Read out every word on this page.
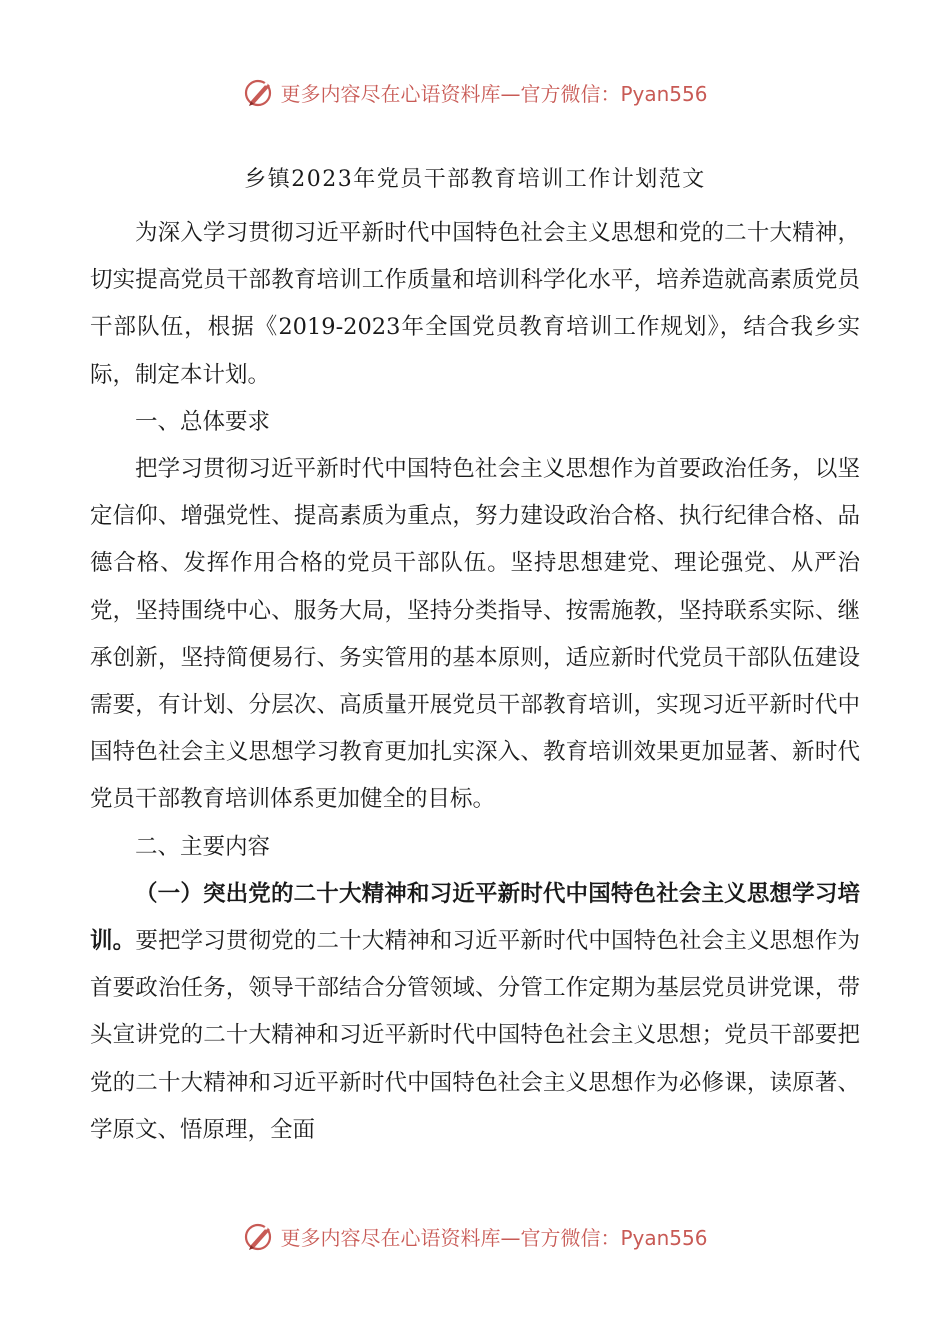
更多内容尽在心语资料库—官方微信：Pyan556
乡镇2023年党员干部教育培训工作计划范文

为深入学习贯彻习近平新时代中国特色社会主义思想和党的二十大精神，切实提高党员干部教育培训工作质量和培训科学化水平，培养造就高素质党员干部队伍，根据《2019-2023年全国党员教育培训工作规划》，结合我乡实际，制定本计划。

一、总体要求

把学习贯彻习近平新时代中国特色社会主义思想作为首要政治任务，以坚定信仰、增强党性、提高素质为重点，努力建设政治合格、执行纪律合格、品德合格、发挥作用合格的党员干部队伍。坚持思想建党、理论强党、从严治党，坚持围绕中心、服务大局，坚持分类指导、按需施教，坚持联系实际、继承创新，坚持简便易行、务实管用的基本原则，适应新时代党员干部队伍建设需要，有计划、分层次、高质量开展党员干部教育培训，实现习近平新时代中国特色社会主义思想学习教育更加扎实深入、教育培训效果更加显著、新时代党员干部教育培训体系更加健全的目标。

二、主要内容

（一）突出党的二十大精神和习近平新时代中国特色社会主义思想学习培训。要把学习贯彻党的二十大精神和习近平新时代中国特色社会主义思想作为首要政治任务，领导干部结合分管领域、分管工作定期为基层党员讲党课，带头宣讲党的二十大精神和习近平新时代中国特色社会主义思想；党员干部要把党的二十大精神和习近平新时代中国特色社会主义思想作为必修课，读原著、学原文、悟原理，全面

更多内容尽在心语资料库—官方微信：Pyan556
